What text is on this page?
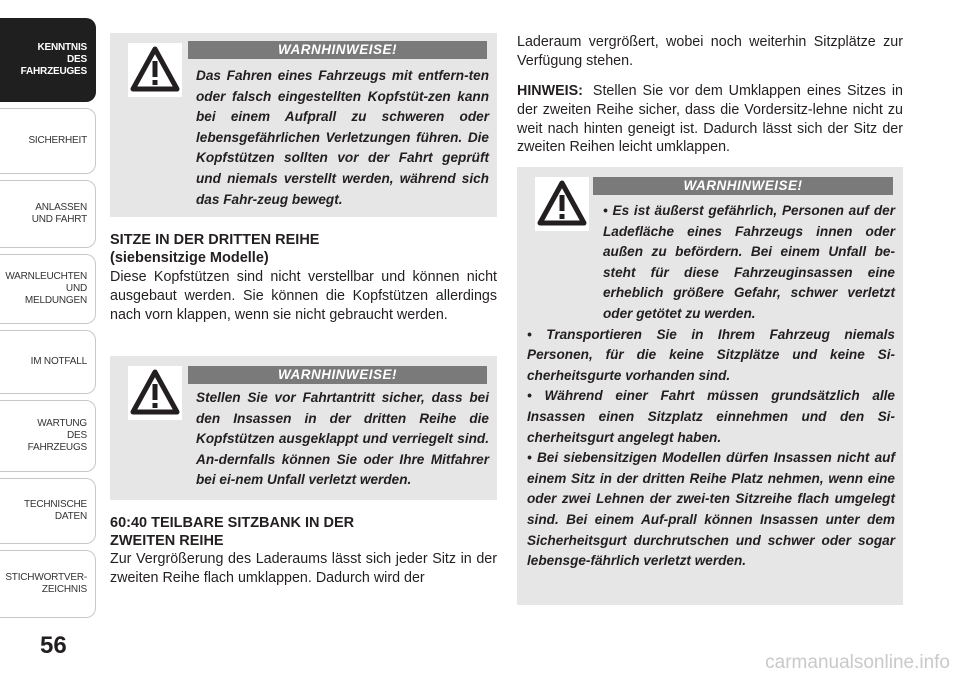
KENNTNIS
DES
FAHRZEUGES
SICHERHEIT
ANLASSEN
UND FAHRT
WARNLEUCHTEN
UND
MELDUNGEN
IM NOTFALL
WARTUNG
DES
FAHRZEUGS
TECHNISCHE
DATEN
STICHWORTVER-
ZEICHNIS
56
WARNHINWEISE!

Das Fahren eines Fahrzeugs mit entfern-ten oder falsch eingestellten Kopfstüt-zen kann bei einem Aufprall zu schweren oder lebensgefährlichen Verletzungen führen. Die Kopfstützen sollten vor der Fahrt geprüft und niemals verstellt werden, während sich das Fahr-zeug bewegt.

SITZE IN DER DRITTEN REIHE
(siebensitzige Modelle)

Diese Kopfstützen sind nicht verstellbar und können nicht ausgebaut werden. Sie können die Kopfstützen allerdings nach vorn klappen, wenn sie nicht gebraucht werden.

WARNHINWEISE!

Stellen Sie vor Fahrtantritt sicher, dass bei den Insassen in der dritten Reihe die Kopfstützen ausgeklappt und verriegelt sind. An-dernfalls können Sie oder Ihre Mitfahrer bei ei-nem Unfall verletzt werden.

60:40 TEILBARE SITZBANK IN DER
ZWEITEN REIHE

Zur Vergrößerung des Laderaums lässt sich jeder Sitz in der zweiten Reihe flach umklappen. Dadurch wird der

Laderaum vergrößert, wobei noch weiterhin Sitzplätze zur Verfügung stehen.

HINWEIS: Stellen Sie vor dem Umklappen eines Sitzes in der zweiten Reihe sicher, dass die Vordersitz-lehne nicht zu weit nach hinten geneigt ist. Dadurch lässt sich der Sitz der zweiten Reihen leicht umklappen.

WARNHINWEISE!

• Es ist äußerst gefährlich, Personen auf der Ladefläche eines Fahrzeugs innen oder außen zu befördern. Bei einem Unfall be-steht für diese Fahrzeuginsassen eine erheblich größere Gefahr, schwer verletzt oder getötet zu werden.

• Transportieren Sie in Ihrem Fahrzeug niemals Personen, für die keine Sitzplätze und keine Si-cherheitsgurte vorhanden sind.

• Während einer Fahrt müssen grundsätzlich alle Insassen einen Sitzplatz einnehmen und den Si-cherheitsgurt angelegt haben.

• Bei siebensitzigen Modellen dürfen Insassen nicht auf einem Sitz in der dritten Reihe Platz nehmen, wenn eine oder zwei Lehnen der zwei-ten Sitzreihe flach umgelegt sind. Bei einem Auf-prall können Insassen unter dem Sicherheitsgurt durchrutschen und schwer oder sogar lebensge-fährlich verletzt werden.

carmanualsonline.info
